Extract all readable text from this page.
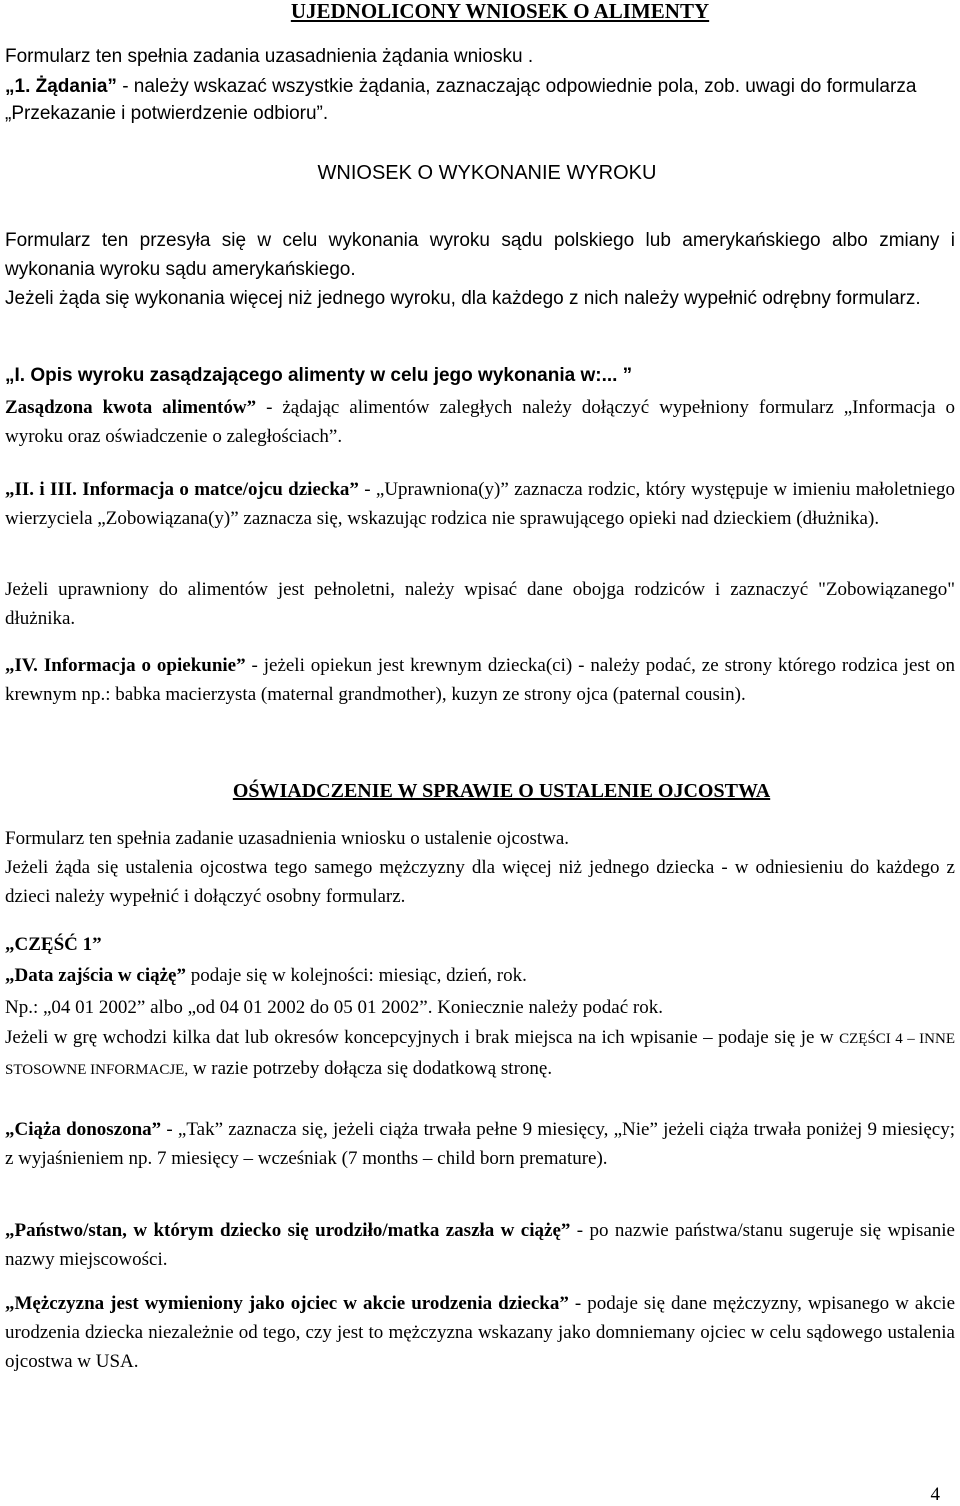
UJEDNOLICONY WNIOSEK O ALIMENTY

Formularz ten spełnia zadania uzasadnienia żądania wniosku .

„1. Żądania” - należy wskazać wszystkie żądania, zaznaczając odpowiednie pola, zob. uwagi do formularza „Przekazanie i potwierdzenie odbioru”.

WNIOSEK O WYKONANIE WYROKU

Formularz ten przesyła się w celu wykonania wyroku sądu polskiego lub amerykańskiego albo zmiany i wykonania wyroku sądu amerykańskiego.

Jeżeli żąda się wykonania więcej niż jednego wyroku, dla każdego z nich należy wypełnić odrębny formularz.

„I. Opis wyroku zasądzającego alimenty w celu jego wykonania w:... ”

Zasądzona kwota alimentów” - żądając alimentów zaległych należy dołączyć wypełniony formularz „Informacja o wyroku oraz oświadczenie o zaległościach”.

„II. i III. Informacja o matce/ojcu dziecka” - „Uprawniona(y)” zaznacza rodzic, który występuje w imieniu małoletniego wierzyciela „Zobowiązana(y)” zaznacza się, wskazując rodzica nie sprawującego opieki nad dzieckiem (dłużnika).

Jeżeli uprawniony do alimentów jest pełnoletni, należy wpisać dane obojga rodziców i zaznaczyć "Zobowiązanego" dłużnika.

„IV. Informacja o opiekunie” - jeżeli opiekun jest krewnym dziecka(ci) - należy podać, ze strony którego rodzica jest on krewnym np.: babka macierzysta (maternal grandmother), kuzyn ze strony ojca (paternal cousin).

OŚWIADCZENIE W SPRAWIE O USTALENIE OJCOSTWA

Formularz ten spełnia zadanie uzasadnienia wniosku o ustalenie ojcostwa.

Jeżeli żąda się ustalenia ojcostwa tego samego mężczyzny dla więcej niż jednego dziecka - w odniesieniu do każdego z dzieci należy wypełnić i dołączyć osobny formularz.

„CZĘŚĆ 1”

„Data zajścia w ciążę” podaje się w kolejności: miesiąc, dzień, rok.

Np.: „04 01 2002” albo „od 04 01 2002 do 05 01 2002”. Koniecznie należy podać rok.

Jeżeli w grę wchodzi kilka dat lub okresów koncepcyjnych i brak miejsca na ich wpisanie – podaje się je w CZĘŚCI 4 – INNE STOSOWNE INFORMACJE, w razie potrzeby dołącza się dodatkową stronę.

„Ciąża donoszona” - „Tak” zaznacza się, jeżeli ciąża trwała pełne 9 miesięcy, „Nie” jeżeli ciąża trwała poniżej 9 miesięcy; z wyjaśnieniem np. 7 miesięcy – wcześniak (7 months – child born premature).

„Państwo/stan, w którym dziecko się urodziło/matka zaszła w ciążę” - po nazwie państwa/stanu sugeruje się wpisanie nazwy miejscowości.

„Mężczyzna jest wymieniony jako ojciec w akcie urodzenia dziecka” - podaje się dane mężczyzny, wpisanego w akcie urodzenia dziecka niezależnie od tego, czy jest to mężczyzna wskazany jako domniemany ojciec w celu sądowego ustalenia ojcostwa w USA.

4
